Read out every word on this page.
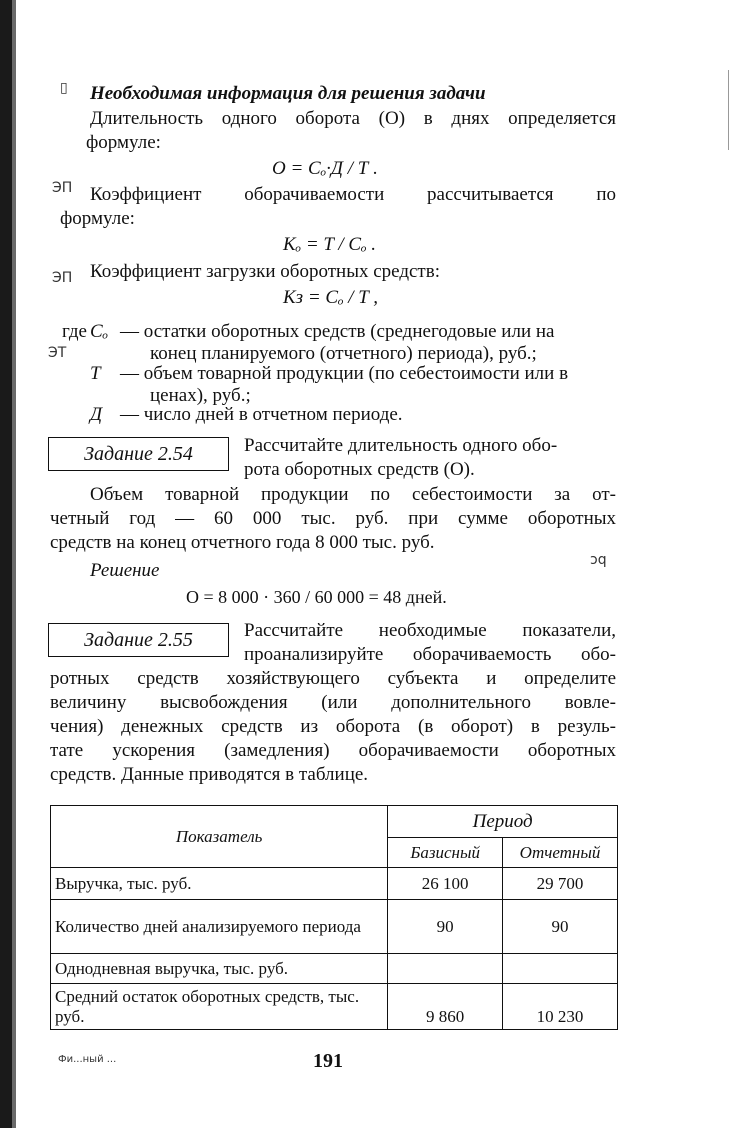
▯
ЭП
ЭП
ЭТ
ɔq
Необходимая информация для решения задачи
Длительность одного оборота (О) в днях определяется
формуле:
О = Сₒ·Д / Т .
Коэффициент оборачиваемости рассчитывается по
формуле:
Kₒ = T / Cₒ .
Коэффициент загрузки оборотных средств:
Kз = Cₒ / T ,
где Сₒ — остатки оборотных средств (среднегодовые или на
конец планируемого (отчетного) периода), руб.;
Т — объем товарной продукции (по себестоимости или в
ценах), руб.;
Д — число дней в отчетном периоде.
Задание 2.54	Рассчитайте длительность одного обо-
рота оборотных средств (О).
Объем товарной продукции по себестоимости за от-
четный год — 60 000 тыс. руб. при сумме оборотных
средств на конец отчетного года 8 000 тыс. руб.
Решение
О = 8 000 · 360 / 60 000 = 48 дней.
Задание 2.55	Рассчитайте необходимые показатели,
проанализируйте оборачиваемость обо-
ротных средств хозяйствующего субъекта и определите
величину высвобождения (или дополнительного вовле-
чения) денежных средств из оборота (в оборот) в резуль-
тате ускорения (замедления) оборачиваемости оборотных
средств. Данные приводятся в таблице.
Показатель	Период	
	Базисный	Отчетный
Выручка, тыс. руб.	26 100	29 700
Количество дней анализируемого периода	90	90
Однодневная выручка, тыс. руб.		
Средний остаток оборотных средств, тыс. руб.	9 860	10 230
Фи...ный ...	191
